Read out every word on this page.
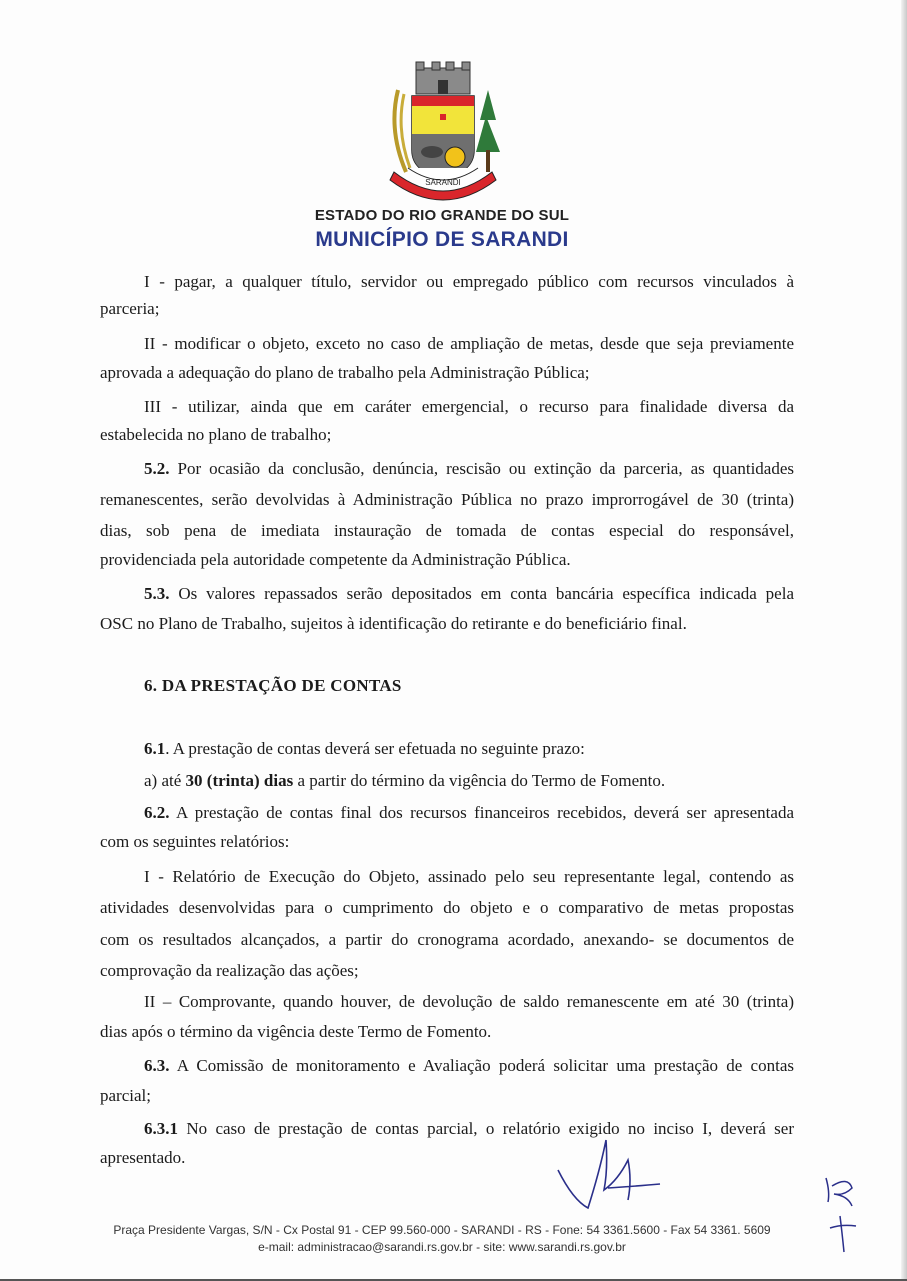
SARANDI
ESTADO DO RIO GRANDE DO SUL
MUNICÍPIO DE SARANDI
I - pagar, a qualquer título, servidor ou empregado público com recursos vinculados à
parceria;
II - modificar o objeto, exceto no caso de ampliação de metas, desde que seja previamente
aprovada a adequação do plano de trabalho pela Administração Pública;
III - utilizar, ainda que em caráter emergencial, o recurso para finalidade diversa da
estabelecida no plano de trabalho;
5.2. Por ocasião da conclusão, denúncia, rescisão ou extinção da parceria, as quantidades
remanescentes, serão devolvidas à Administração Pública no prazo improrrogável de 30 (trinta)
dias, sob pena de imediata instauração de tomada de contas especial do responsável,
providenciada pela autoridade competente da Administração Pública.
5.3. Os valores repassados serão depositados em conta bancária específica indicada pela
OSC no Plano de Trabalho, sujeitos à identificação do retirante e do beneficiário final.
6. DA PRESTAÇÃO DE CONTAS
6.1. A prestação de contas deverá ser efetuada no seguinte prazo:
a) até 30 (trinta) dias a partir do término da vigência do Termo de Fomento.
6.2. A prestação de contas final dos recursos financeiros recebidos, deverá ser apresentada
com os seguintes relatórios:
I - Relatório de Execução do Objeto, assinado pelo seu representante legal, contendo as
atividades desenvolvidas para o cumprimento do objeto e o comparativo de metas propostas
com os resultados alcançados, a partir do cronograma acordado, anexando- se documentos de
comprovação da realização das ações;
II – Comprovante, quando houver, de devolução de saldo remanescente em até 30 (trinta)
dias após o término da vigência deste Termo de Fomento.
6.3. A Comissão de monitoramento e Avaliação poderá solicitar uma prestação de contas
parcial;
6.3.1 No caso de prestação de contas parcial, o relatório exigido no inciso I, deverá ser
apresentado.
Praça Presidente Vargas, S/N - Cx Postal 91 - CEP 99.560-000 - SARANDI - RS - Fone: 54 3361.5600 - Fax 54 3361. 5609
e-mail: administracao@sarandi.rs.gov.br - site: www.sarandi.rs.gov.br
